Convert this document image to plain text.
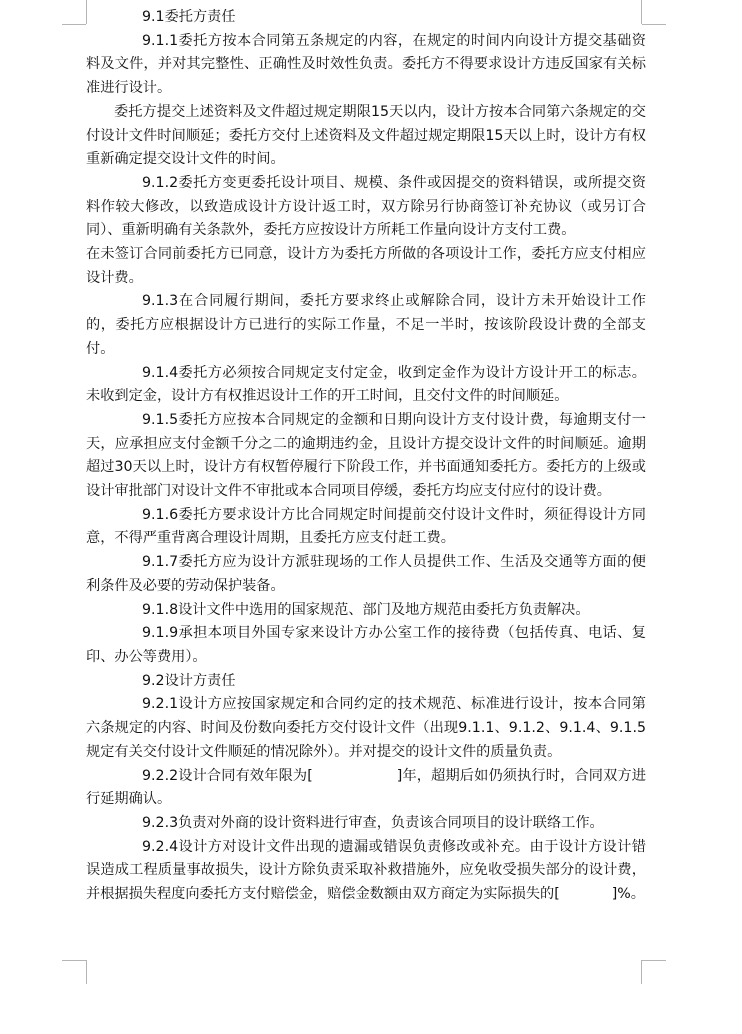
9.1委托方责任

9.1.1委托方按本合同第五条规定的内容，在规定的时间内向设计方提交基础资料及文件，并对其完整性、正确性及时效性负责。委托方不得要求设计方违反国家有关标准进行设计。

委托方提交上述资料及文件超过规定期限15天以内，设计方按本合同第六条规定的交付设计文件时间顺延；委托方交付上述资料及文件超过规定期限15天以上时，设计方有权重新确定提交设计文件的时间。

9.1.2委托方变更委托设计项目、规模、条件或因提交的资料错误，或所提交资料作较大修改，以致造成设计方设计返工时，双方除另行协商签订补充协议（或另订合同）、重新明确有关条款外，委托方应按设计方所耗工作量向设计方支付工费。

在未签订合同前委托方已同意，设计方为委托方所做的各项设计工作，委托方应支付相应设计费。

9.1.3在合同履行期间，委托方要求终止或解除合同，设计方未开始设计工作的，委托方应根据设计方已进行的实际工作量，不足一半时，按该阶段设计费的全部支付。

9.1.4委托方必须按合同规定支付定金，收到定金作为设计方设计开工的标志。未收到定金，设计方有权推迟设计工作的开工时间，且交付文件的时间顺延。

9.1.5委托方应按本合同规定的金额和日期向设计方支付设计费，每逾期支付一天，应承担应支付金额千分之二的逾期违约金，且设计方提交设计文件的时间顺延。逾期超过30天以上时，设计方有权暂停履行下阶段工作，并书面通知委托方。委托方的上级或设计审批部门对设计文件不审批或本合同项目停缓，委托方均应支付应付的设计费。

9.1.6委托方要求设计方比合同规定时间提前交付设计文件时，须征得设计方同意，不得严重背离合理设计周期，且委托方应支付赶工费。

9.1.7委托方应为设计方派驻现场的工作人员提供工作、生活及交通等方面的便利条件及必要的劳动保护装备。

9.1.8设计文件中选用的国家规范、部门及地方规范由委托方负责解决。

9.1.9承担本项目外国专家来设计方办公室工作的接待费（包括传真、电话、复印、办公等费用）。

9.2设计方责任

9.2.1设计方应按国家规定和合同约定的技术规范、标准进行设计，按本合同第六条规定的内容、时间及份数向委托方交付设计文件（出现9.1.1、9.1.2、9.1.4、9.1.5规定有关交付设计文件顺延的情况除外）。并对提交的设计文件的质量负责。

9.2.2设计合同有效年限为[	]年，超期后如仍须执行时，合同双方进行延期确认。

9.2.3负责对外商的设计资料进行审查，负责该合同项目的设计联络工作。

9.2.4设计方对设计文件出现的遗漏或错误负责修改或补充。由于设计方设计错误造成工程质量事故损失，设计方除负责采取补救措施外，应免收受损失部分的设计费，并根据损失程度向委托方支付赔偿金，赔偿金数额由双方商定为实际损失的[	]%。
